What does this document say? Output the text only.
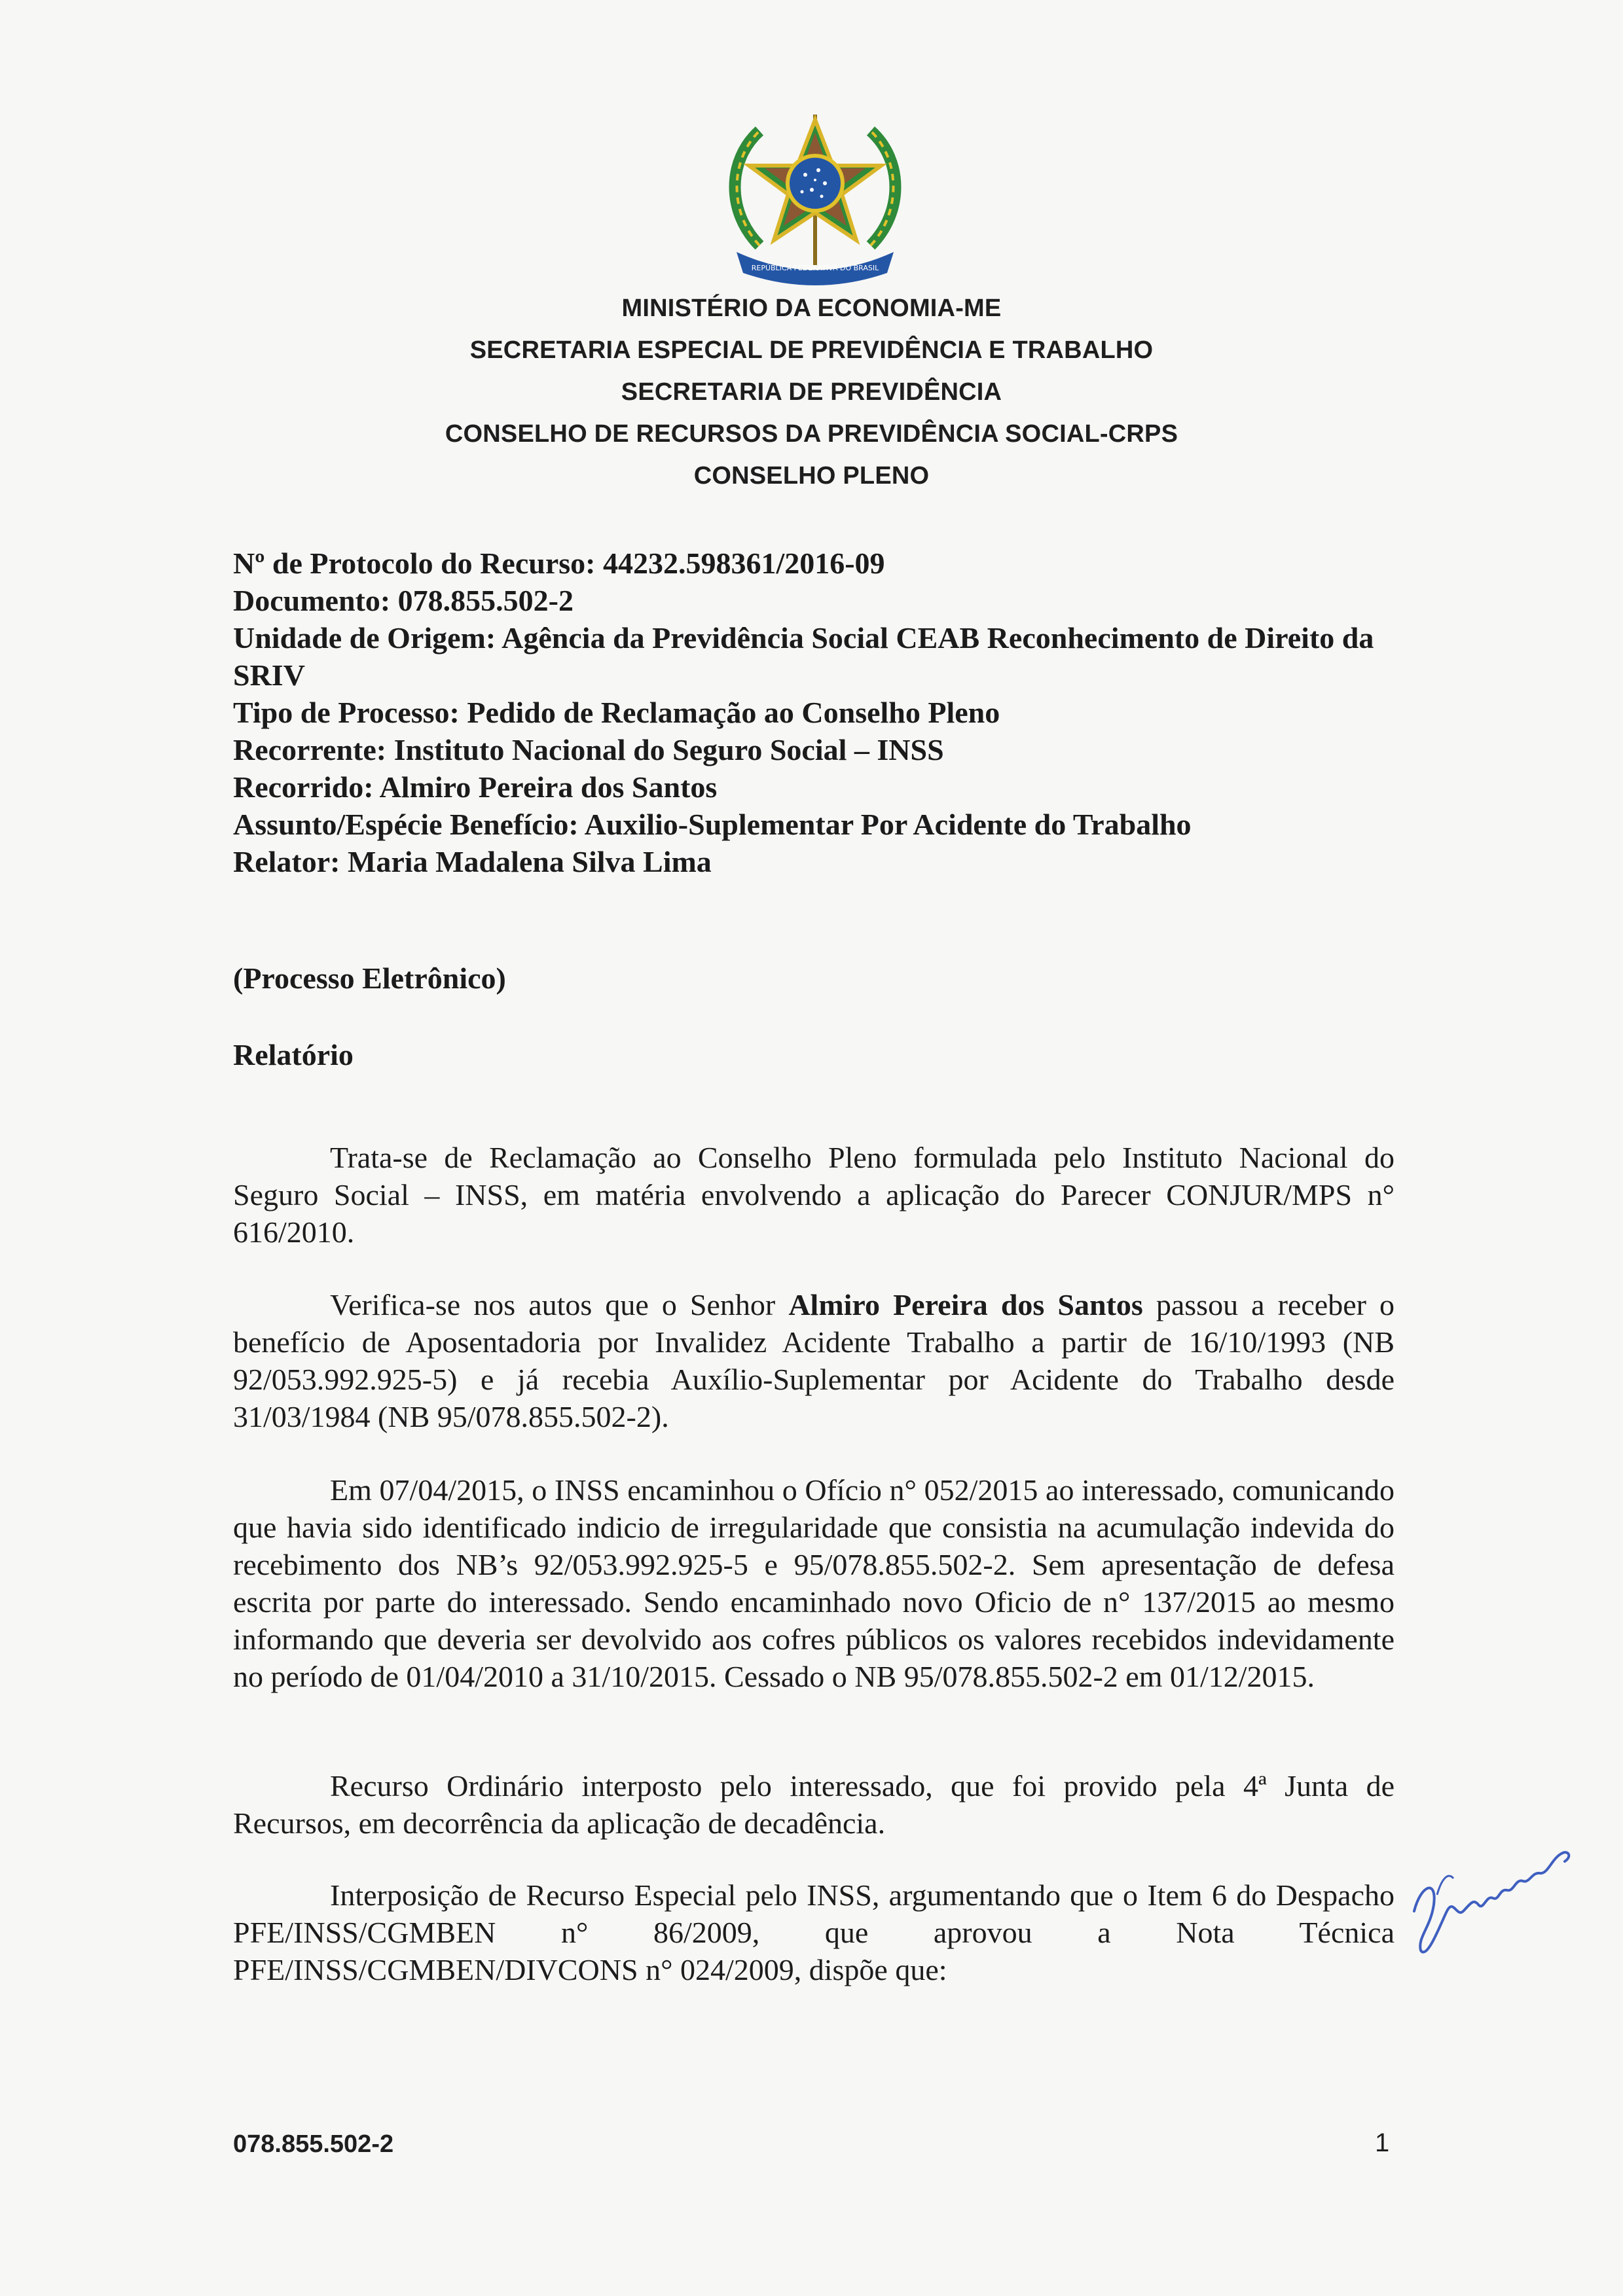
REPÚBLICA FEDERATIVA DO BRASIL
MINISTÉRIO DA ECONOMIA-ME
SECRETARIA ESPECIAL DE PREVIDÊNCIA E TRABALHO
SECRETARIA DE PREVIDÊNCIA
CONSELHO DE RECURSOS DA PREVIDÊNCIA SOCIAL-CRPS
CONSELHO PLENO
Nº de Protocolo do Recurso: 44232.598361/2016-09
Documento: 078.855.502-2
Unidade de Origem: Agência da Previdência Social CEAB Reconhecimento de Direito da SRIV
Tipo de Processo: Pedido de Reclamação ao Conselho Pleno
Recorrente: Instituto Nacional do Seguro Social – INSS
Recorrido: Almiro Pereira dos Santos
Assunto/Espécie Benefício: Auxilio-Suplementar Por Acidente do Trabalho
Relator: Maria Madalena Silva Lima
(Processo Eletrônico)
Relatório
Trata-se de Reclamação ao Conselho Pleno formulada pelo Instituto Nacional do Seguro Social – INSS, em matéria envolvendo a aplicação do Parecer CONJUR/MPS n° 616/2010.
Verifica-se nos autos que o Senhor Almiro Pereira dos Santos passou a receber o benefício de Aposentadoria por Invalidez Acidente Trabalho a partir de 16/10/1993 (NB 92/053.992.925-5) e já recebia Auxílio-Suplementar por Acidente do Trabalho desde 31/03/1984 (NB 95/078.855.502-2).
Em 07/04/2015, o INSS encaminhou o Ofício n° 052/2015 ao interessado, comunicando que havia sido identificado indicio de irregularidade que consistia na acumulação indevida do recebimento dos NB’s 92/053.992.925-5 e 95/078.855.502-2. Sem apresentação de defesa escrita por parte do interessado. Sendo encaminhado novo Oficio de n° 137/2015 ao mesmo informando que deveria ser devolvido aos cofres públicos os valores recebidos indevidamente no período de 01/04/2010 a 31/10/2015. Cessado o NB 95/078.855.502-2 em 01/12/2015.
Recurso Ordinário interposto pelo interessado, que foi provido pela 4ª Junta de Recursos, em decorrência da aplicação de decadência.
Interposição de Recurso Especial pelo INSS, argumentando que o Item 6 do Despacho PFE/INSS/CGMBEN n° 86/2009, que aprovou a Nota Técnica PFE/INSS/CGMBEN/DIVCONS n° 024/2009, dispõe que:
078.855.502-2	1
